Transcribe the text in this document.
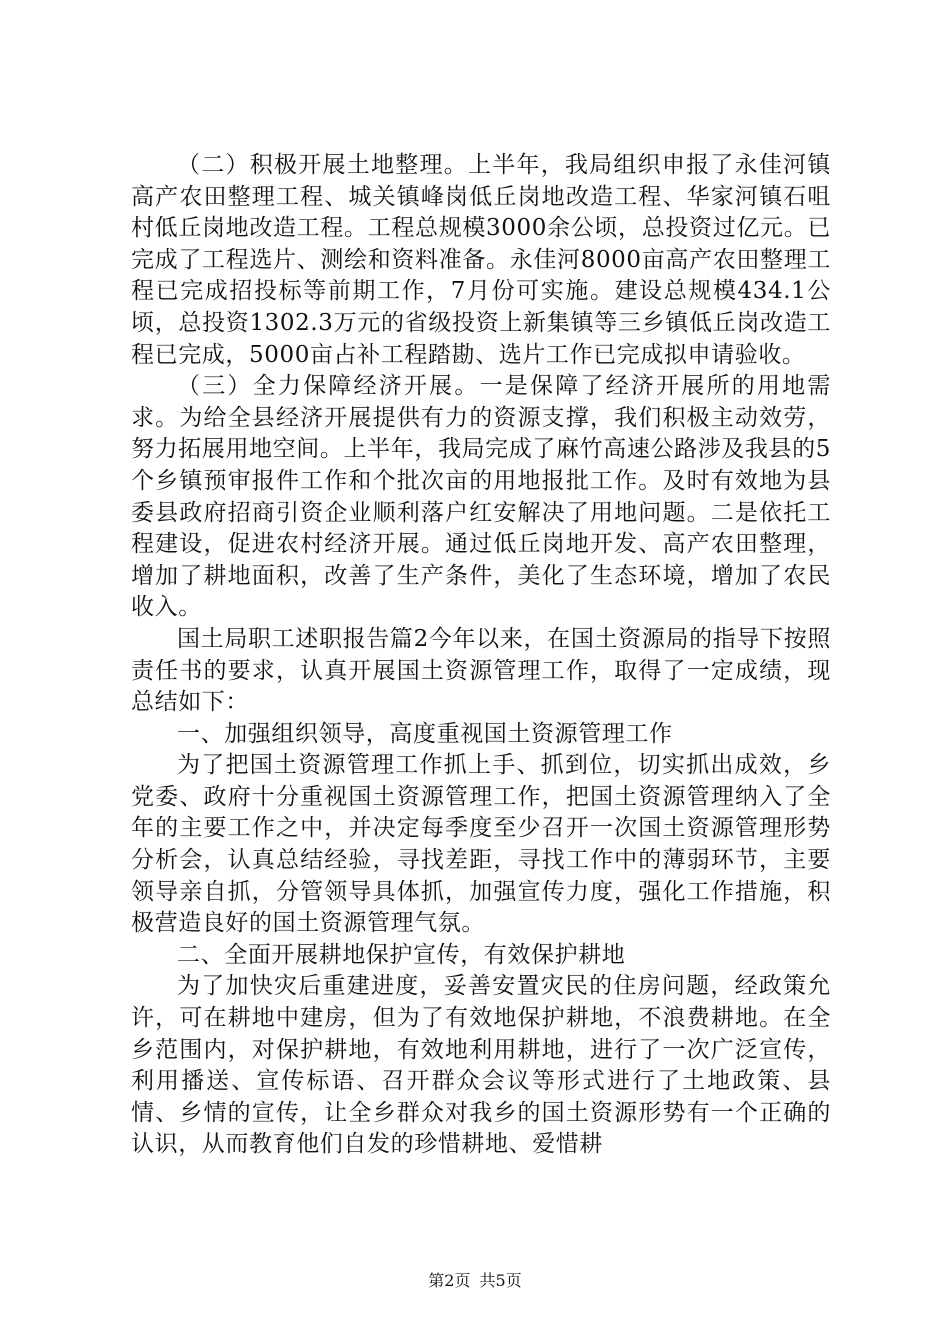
（二）积极开展土地整理。上半年，我局组织申报了永佳河镇高产农田整理工程、城关镇峰岗低丘岗地改造工程、华家河镇石咀村低丘岗地改造工程。工程总规模3000余公顷，总投资过亿元。已完成了工程选片、测绘和资料准备。永佳河8000亩高产农田整理工程已完成招投标等前期工作，7月份可实施。建设总规模434.1公顷，总投资1302.3万元的省级投资上新集镇等三乡镇低丘岗改造工程已完成，5000亩占补工程踏勘、选片工作已完成拟申请验收。

（三）全力保障经济开展。一是保障了经济开展所的用地需求。为给全县经济开展提供有力的资源支撑，我们积极主动效劳，努力拓展用地空间。上半年，我局完成了麻竹高速公路涉及我县的5个乡镇预审报件工作和个批次亩的用地报批工作。及时有效地为县委县政府招商引资企业顺利落户红安解决了用地问题。二是依托工程建设，促进农村经济开展。通过低丘岗地开发、高产农田整理，增加了耕地面积，改善了生产条件，美化了生态环境，增加了农民收入。

国土局职工述职报告篇2今年以来，在国土资源局的指导下按照责任书的要求，认真开展国土资源管理工作，取得了一定成绩，现总结如下：

一、加强组织领导，高度重视国土资源管理工作

为了把国土资源管理工作抓上手、抓到位，切实抓出成效，乡党委、政府十分重视国土资源管理工作，把国土资源管理纳入了全年的主要工作之中，并决定每季度至少召开一次国土资源管理形势分析会，认真总结经验，寻找差距，寻找工作中的薄弱环节，主要领导亲自抓，分管领导具体抓，加强宣传力度，强化工作措施，积极营造良好的国土资源管理气氛。

二、全面开展耕地保护宣传，有效保护耕地

为了加快灾后重建进度，妥善安置灾民的住房问题，经政策允许，可在耕地中建房，但为了有效地保护耕地，不浪费耕地。在全乡范围内，对保护耕地，有效地利用耕地，进行了一次广泛宣传，利用播送、宣传标语、召开群众会议等形式进行了土地政策、县情、乡情的宣传，让全乡群众对我乡的国土资源形势有一个正确的认识，从而教育他们自发的珍惜耕地、爱惜耕

第2页 共5页
